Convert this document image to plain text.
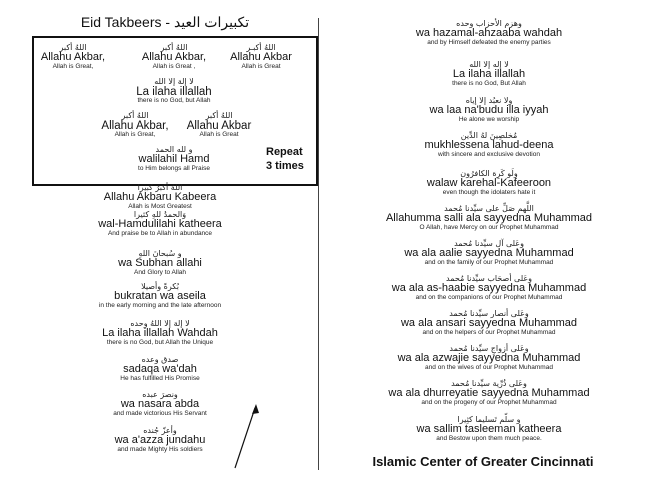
Eid Takbeers - تكبيرات العيد
اللهُ أكبر
Allahu Akbar,
Allah is Great,
اللهُ أكبر
Allahu Akbar,
Allah is Great ,
اللهُ أكبـر
Allahu Akbar
Allah is Great
لا إلهَ إلا الله
La ilaha illallah
there is no God, but Allah
اللهُ أكبر
Allahu Akbar,
Allah is Great,
اللهُ أكبر
Allahu Akbar
Allah is Great
و لله الحمد
walilahil Hamd
to Him belongs all Praise
Repeat
3 times
اللهُ أكبرُ كبيرا
Allahu Akbaru Kabeera
Allah is Most Greatest
وَالحمدُ للهِ كثيرا
wal-Hamdulilahi katheera
And praise be to Allah in abundance
و سُبحانَ اللهِ
wa Subhan allahi
And Glory to Allah
بُكرةً وأصيلا
bukratan wa aseila
in the early morning and the late afternoon
لا إلهَ إلا اللهُ وحده
La ilaha illallah Wahdah
there is no God, but Allah the Unique
صدق وعده
sadaqa wa'dah
He has fulfilled His Promise
ونصرَ عبده
wa nasara abda
and made victorious His Servant
وأعزّ جُنده
wa a'azza jundahu
and made Mighty His soldiers
وهزم الأحزاب وحده
wa hazamal-ahzaaba wahdah
and by Himself defeated the enemy parties
لا إله إلا الله
La ilaha illallah
there is no God, But Allah
ولا نعبُد إلا إياه
wa laa na'budu illa iyyah
He alone we worship
مُخلصِينَ لهُ الدِّين
mukhlessena lahud-deena
with sincere and exclusive devotion
ولَو كَرِهَ الكافرُون
walaw karehal-Kafeeroon
even though the idolaters hate it
اللَّهم صَلِّ على سيِّدنا مُحمد
Allahumma salli ala sayyedna Muhammad
O Allah, have Mercy on our Prophet Muhammad
وعَلى آل سيِّدنا مُحمد
wa ala aalie sayyedna Muhammad
and on the family of our Prophet Muhammad
وعَلى أصحَاب سيِّدنا مُحمد
wa ala as-haabie sayyedna Muhammad
and on the companions of our Prophet Muhammad
وعَلى أنصار سيِّدنا مُحمد
wa ala ansari sayyedna Muhammad
and on the helpers of our Prophet Muhammad
وعَلى أزواجِ سيِّدنا مُحمد
wa ala azwajie sayyedna Muhammad
and on the wives of our Prophet Muhammad
وعَلى ذُرِّية سيِّدنا مُحمد
wa ala dhurreyatie sayyedna Muhammad
and on the progeny of our Prophet Muhammad
و سلّم تَسليما كثِيرا
wa sallim tasleeman katheera
and Bestow upon them much peace.
Islamic Center of Greater Cincinnati
